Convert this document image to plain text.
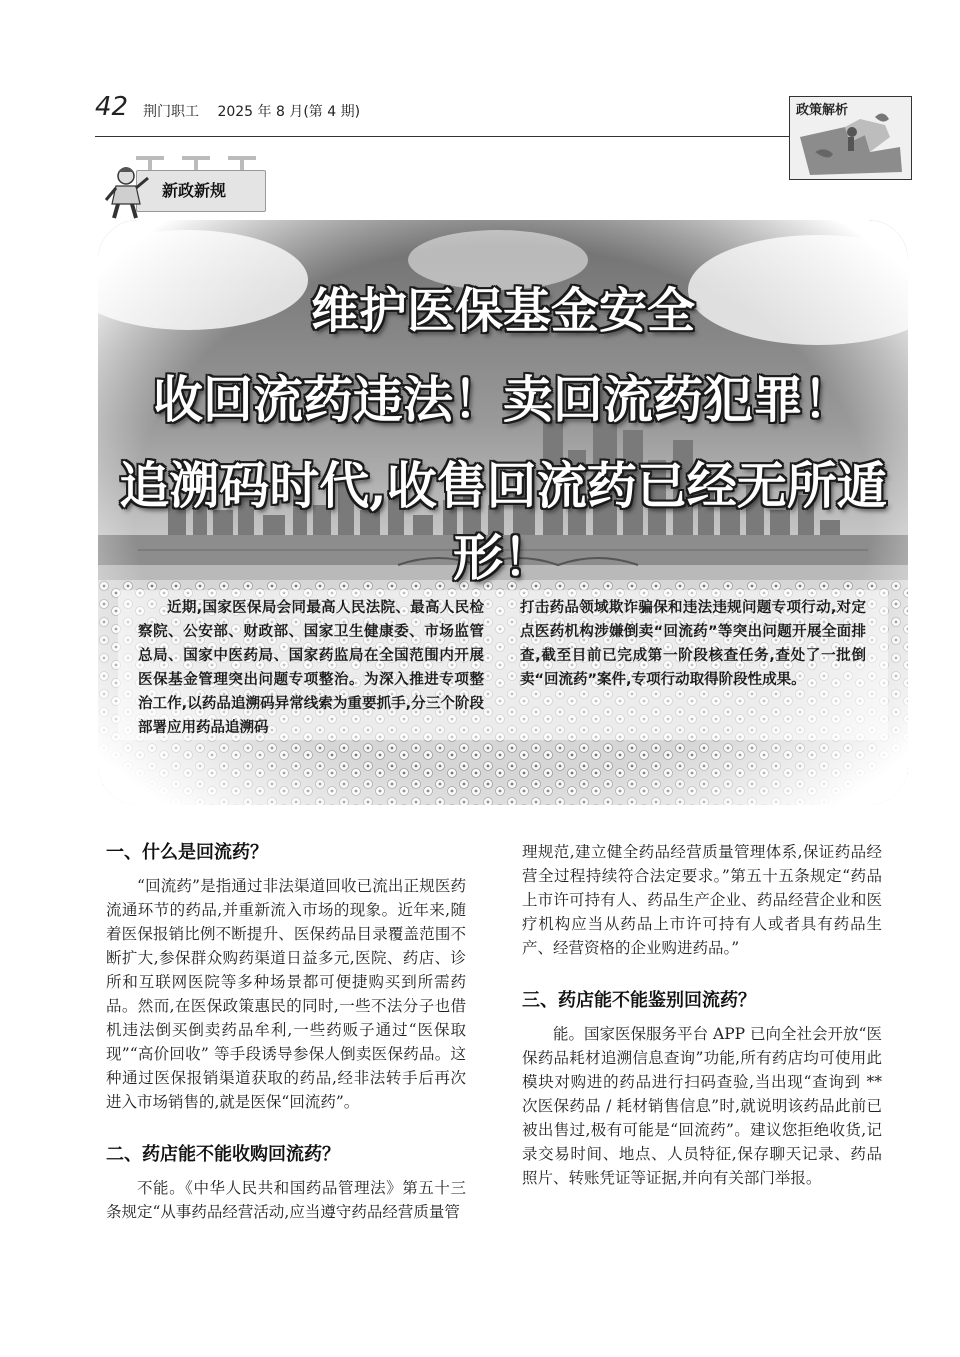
42 荆门职工 2025 年 8 月(第 4 期)	政策解析
新政新规
维护医保基金安全
收回流药违法！卖回流药犯罪！
追溯码时代,收售回流药已经无所遁形！
近期,国家医保局会同最高人民法院、最高人民检察院、公安部、财政部、国家卫生健康委、市场监管总局、国家中医药局、国家药监局在全国范围内开展医保基金管理突出问题专项整治。为深入推进专项整治工作,以药品追溯码异常线索为重要抓手,分三个阶段部署应用药品追溯码
打击药品领域欺诈骗保和违法违规问题专项行动,对定点医药机构涉嫌倒卖“回流药”等突出问题开展全面排查,截至目前已完成第一阶段核查任务,查处了一批倒卖“回流药”案件,专项行动取得阶段性成果。
一、什么是回流药？

“回流药”是指通过非法渠道回收已流出正规医药流通环节的药品,并重新流入市场的现象。近年来,随着医保报销比例不断提升、医保药品目录覆盖范围不断扩大,参保群众购药渠道日益多元,医院、药店、诊所和互联网医院等多种场景都可便捷购买到所需药品。然而,在医保政策惠民的同时,一些不法分子也借机违法倒买倒卖药品牟利,一些药贩子通过“医保取现”“高价回收” 等手段诱导参保人倒卖医保药品。这种通过医保报销渠道获取的药品,经非法转手后再次进入市场销售的,就是医保“回流药”。

二、药店能不能收购回流药？

不能。《中华人民共和国药品管理法》第五十三条规定“从事药品经营活动,应当遵守药品经营质量管

理规范,建立健全药品经营质量管理体系,保证药品经营全过程持续符合法定要求。”第五十五条规定“药品上市许可持有人、药品生产企业、药品经营企业和医疗机构应当从药品上市许可持有人或者具有药品生产、经营资格的企业购进药品。”

三、药店能不能鉴别回流药？

能。国家医保服务平台 APP 已向全社会开放“医保药品耗材追溯信息查询”功能,所有药店均可使用此模块对购进的药品进行扫码查验,当出现“查询到 ** 次医保药品 / 耗材销售信息”时,就说明该药品此前已被出售过,极有可能是“回流药”。建议您拒绝收货,记录交易时间、地点、人员特征,保存聊天记录、药品照片、转账凭证等证据,并向有关部门举报。
